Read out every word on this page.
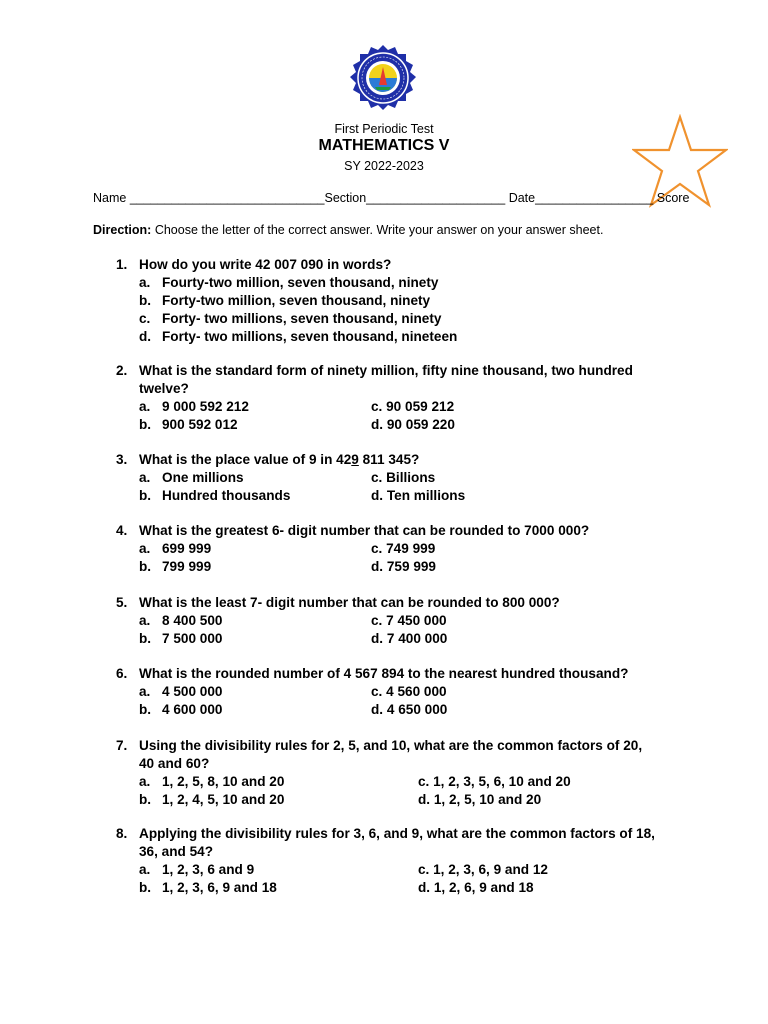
First Periodic Test
MATHEMATICS V
SY 2022-2023
Name ____________________________Section____________________ Date_________________ Score
Direction: Choose the letter of the correct answer. Write your answer on your answer sheet.
1. How do you write 42 007 090 in words?
a. Fourty-two million, seven thousand, ninety
b. Forty-two million, seven thousand, ninety
c. Forty- two millions, seven thousand, ninety
d. Forty- two millions, seven thousand, nineteen
2. What is the standard form of ninety million, fifty nine thousand, two hundred twelve?
a. 9 000 592 212	c. 90 059 212
b. 900 592 012	d. 90 059 220
3. What is the place value of 9 in 429 811 345?
a. One millions	c. Billions
b. Hundred thousands	d. Ten millions
4. What is the greatest 6- digit number that can be rounded to 7000 000?
a. 699 999	c. 749 999
b. 799 999	d. 759 999
5. What is the least 7- digit number that can be rounded to 800 000?
a. 8 400 500	c. 7 450 000
b. 7 500 000	d. 7 400 000
6. What is the rounded number of 4 567 894 to the nearest hundred thousand?
a. 4 500 000	c. 4 560 000
b. 4 600 000	d. 4 650 000
7. Using the divisibility rules for 2, 5, and 10, what are the common factors of 20, 40 and 60?
a. 1, 2, 5, 8, 10 and 20	c. 1, 2, 3, 5, 6, 10 and 20
b. 1, 2, 4, 5, 10 and 20	d. 1, 2, 5, 10 and 20
8. Applying the divisibility rules for 3, 6, and 9, what are the common factors of 18, 36, and 54?
a. 1, 2, 3, 6 and 9	c. 1, 2, 3, 6, 9 and 12
b. 1, 2, 3, 6, 9 and 18	d. 1, 2, 6, 9 and 18
